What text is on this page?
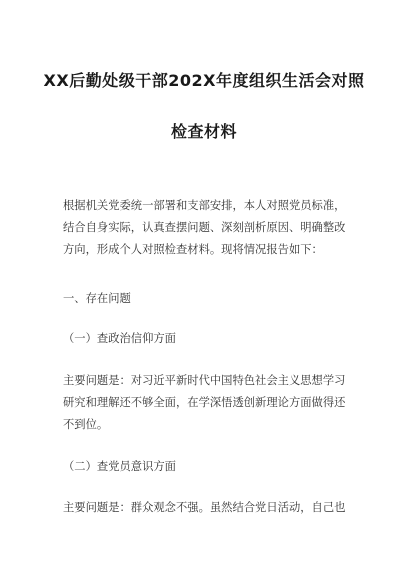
XX后勤处级干部202X年度组织生活会对照
检查材料
根据机关党委统一部署和支部安排，本人对照党员标准，
结合自身实际，认真查摆问题、深刻剖析原因、明确整改
方向，形成个人对照检查材料。现将情况报告如下：
一、存在问题
（一）查政治信仰方面
主要问题是：对习近平新时代中国特色社会主义思想学习
研究和理解还不够全面，在学深悟透创新理论方面做得还
不到位。
（二）查党员意识方面
主要问题是：群众观念不强。虽然结合党日活动，自己也
